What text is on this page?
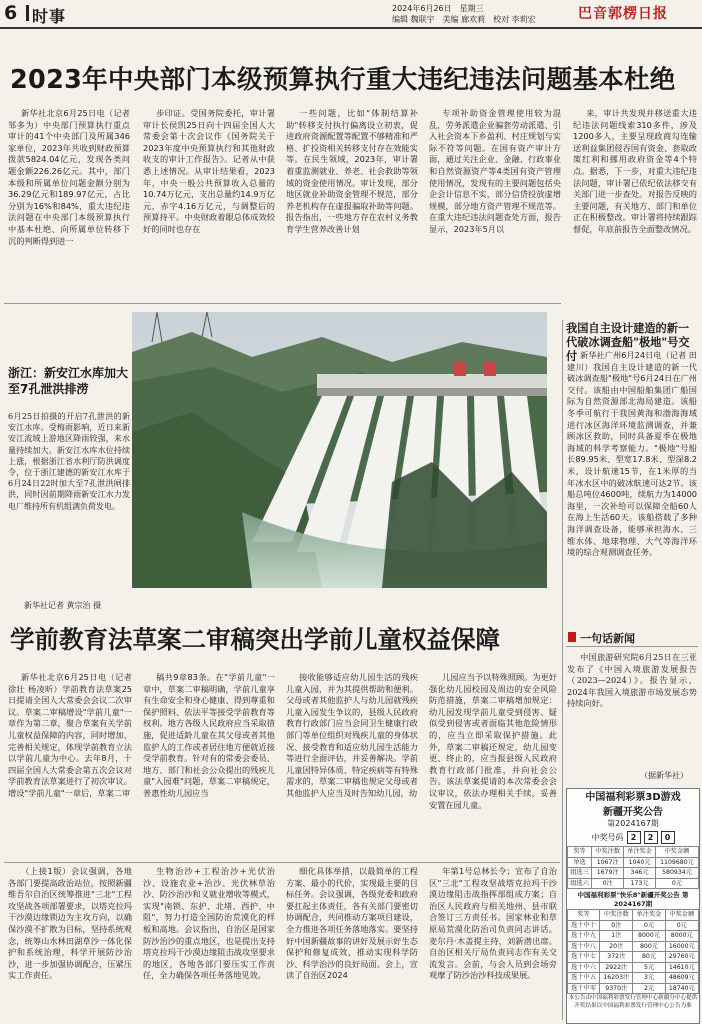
6 时事	2024年6月26日　星期三
编辑 魏联宇　美编 廊欢莉　校对 李莉宏	巴音郭楞日报
2023年中央部门本级预算执行重大违纪违法问题基本杜绝

新华社北京6月25日电（记者 邹多为）中央部门预算执行重点审计的41个中央部门及所属346家单位，2023年共收到财政预算拨款5824.04亿元，发现各类问题金额226.26亿元。其中，部门本级和所属单位问题金额分别为36.29亿元和189.97亿元，占比分别为16%和84%，重大违纪违法问题在中央部门本级预算执行中基本杜绝、向所属单位转移下沉的判断得到进一

步印证。受国务院委托，审计署审计长侯凯25日向十四届全国人大常委会第十次会议作《国务院关于2023年度中央预算执行和其他财政收支的审计工作报告》。记者从中获悉上述情况。从审计结果看，2023年，中央一般公共预算收入总量的10.74万亿元，支出总量约14.9万亿元，赤字4.16万亿元，与调整后的预算持平。中央财政着眼总体成效较好的同时也存在

一些问题，比如"体制结算补助"转移支付执行偏离设立初衷，促进政府资源配置等配置不够精准和严格、扩投资相关转移支付存在效能实等。在民生领域，2023年，审计署着重监测就业、养老、社会救助等领域的资金使用情况。审计发现，部分地区就业补助资金管理不规范，部分养老机构存在虚报骗取补助等问题。报告指出，一些地方存在农村义务教育学生营养改善计划

专项补助资金管理使用较为混乱，劳务派遣企业骗套劳动派遣、引入社会资本下乡盈利、村庄规划与实际不符等问题。在国有资产审计方面，通过关注企业、金融、行政事业和自然资源资产等4类国有资产管理使用情况，发现有的主要问题包括央企会计信息不实，部分信贷投放虚增规模，部分地方资产管理不规范等。在重大违纪违法问题查处方面，报告显示，2023年5月以

来，审计共发现并移送重大违纪违法问题线索310多件，涉及1200多人，主要呈现政商勾连输送利益集团侵吞国有资金、套取政策红利和挪用政府资金等4个特点。据悉，下一步，对重大违纪违法问题，审计署已依纪依法移交有关部门进一步查处。对报告反映的主要问题，有关地方、部门和单位正在积极整改。审计署将持续跟踪督促，年底前报告全面整改情况。

浙江：新安江水库加大至7孔泄洪排涝
6月25日拍摄的开启7孔泄洪的新安江水库。受梅雨影响，近日来新安江流域上游地区降雨较强，来水量持续加大。新安江水库水位持续上涨，根据浙江省水利厅防洪调度令，位于浙江建德的新安江水库于6月24日22时加大至7孔泄洪闸排洪，同时因前期降雨新安江水力发电厂维持所有机组满负荷发电。
新华社记者 黄宗治 摄
我国自主设计建造的新一代破冰调查船"极地"号交付 新华社广州6月24日电（记者 田建川）我国自主设计建造的新一代破冰调查船"极地"号6月24日在广州交付。该船由中国船舶集团广船国际为自然资源部北海局建造。该船冬季可航行于我国黄海和渤海海域进行冰区海洋环境监测调查，并兼顾冰区救助，同时具备夏季在极地海域的科学考察能力。"极地"号船长89.95米、型宽17.8米、型深8.2米，设计航速15节，在1米厚的当年冰水区中的破冰航速可达2节。该船总吨位4600吨，续航力为14000海里，一次补给可以保障全船60人在海上生活60天。该船搭载了多种海洋调查设备，能够承担海水、三维水体、地球物理、大气等海洋环境的综合观测调查任务。

一句话新闻

中国旅游研究院6月25日在三亚发布了《中国入境旅游发展报告（2023—2024）》。报告显示，2024年我国入境旅游市场发展态势持续向好。

（据新华社）
学前教育法草案二审稿突出学前儿童权益保障

新华社北京6月25日电（记者 徐壮 杨凌昕）学前教育法草案25日提请全国人大常委会会议二次审议。草案二审稿增设"学前儿童"一章作为第二章，聚合草案有关学前儿童权益保障的内容，同时增加、完善相关规定，体现学前教育立法以学前儿童为中心。去年8月，十四届全国人大常委会第五次会议对学前教育法草案进行了初次审议。增设"学前儿童"一章后，草案二审

稿共9章83条。在"学前儿童"一章中，草案二审稿明确，学前儿童享有生命安全和身心健康、得到尊重和保护照料、依法平等接受学前教育等权利。地方各级人民政府应当采取措施，促进适龄儿童在其父母或者其他监护人的工作或者居住地方便就近接受学前教育。针对有的常委会委员、地方、部门和社会公众提出的残疾儿童"入园难"问题，草案二审稿规定，普惠性幼儿园应当

接收能够适应幼儿园生活的残疾儿童入园，并为其提供帮助和便利。父母或者其他监护人与幼儿园就残疾儿童入园发生争议的，县级人民政府教育行政部门应当会同卫生健康行政部门等单位组织对残疾儿童的身体状况、接受教育和适应幼儿园生活能力等进行全面评估，并妥善解决。学前儿童因特异体质、特定疾病等有特殊需求的，草案二审稿也规定父母或者其他监护人应当及时告知幼儿园，幼

儿园应当予以特殊照顾。为更好强化幼儿园校园及周边的安全风险防范措施，草案二审稿增加规定：幼儿园发现学前儿童受到侵害、疑似受到侵害或者面临其他危险情形的，应当立即采取保护措施。此外，草案二审稿还规定，幼儿园变更、终止的，应当报县级人民政府教育行政部门批准，并向社会公告。该法草案提请的本次常委会会议审议，依法办理相关手续，妥善安置在园儿童。

（上接1版）会议强调，各地各部门要提高政治站位，按照新疆维吾尔自治区统筹推进"三北"工程攻坚战各项部署要求，以塔克拉玛干沙漠边缘锁边为主攻方向，以确保沙漠不扩散为目标，坚持系统观念，统筹山水林田湖草沙一体化保护和系统治理，科学开展防沙治沙，进一步加强协调配合，压紧压实工作责任。

生物治沙+工程治沙+光伏治沙、设施农业+治沙、光伏林草治沙、防沙治沙和义就业增收等模式，实现"南锁、东护、北堵、西护、中阻"，努力打造全国防治荒漠化的样板和高地。会议指出，自治区是国家防沙治沙的重点地区，也是提出支持塔克拉玛干沙漠边缘阻击战攻坚要求的地区，各地各部门要压实工作责任，全力确保各项任务落地见效。

细化具体举措，以最简单的工程方案、最小的代价，实现最主要的目标任务。会议强调，各级党委和政府要扛起主体责任，各有关部门要密切协调配合，共同推动方案项目建设，全力推进各项任务落地落实。要坚持好中国新疆故事的讲好及展示好生态保护和修复成效，推动实现科学防沙、科学治沙的良好局面。会上，宣读了自治区2024

年第1号总林长令；宣布了自治区"三北"工程攻坚战塔克拉玛干沙漠边缘阻击战指挥部组成方案；自治区人民政府与相关地州、县市联合签订三方责任书。国家林业和草原局荒漠化防治司负责同志讲话。麦尔丹·木盖提主持，刘新潜出席。自治区相关厅局负责同志作有关交流发言。会前，与会人员到会场旁观摩了防沙治沙科技成果展。

中国福利彩票3D游戏
新疆开奖公告
第2024167期
中奖号码 2	2	0
奖等	中奖注数	单注奖金	中奖金额
单选	1067注	1040元	1109680元
组选三	1679注	346元	580934元
组选六	0注	173元	0元
中国福利彩票"快乐8"新疆开奖公告 第2024167期
奖等	中奖注数	单注奖金	中奖金额
选十中十	0注	0元	0元
选十中九	1注	8000元	8000元
选十中八	20注	800元	16000元
选十中七	372注	80元	29760元
选十中六	2922注	5元	14610元
选十中五	16203注	3元	48609元
选十中零	9370注	2元	18740元
本公告由中国福利彩票发行管理中心新疆分中心提供
开奖结果以中国福利彩票发行管理中心公告为准
